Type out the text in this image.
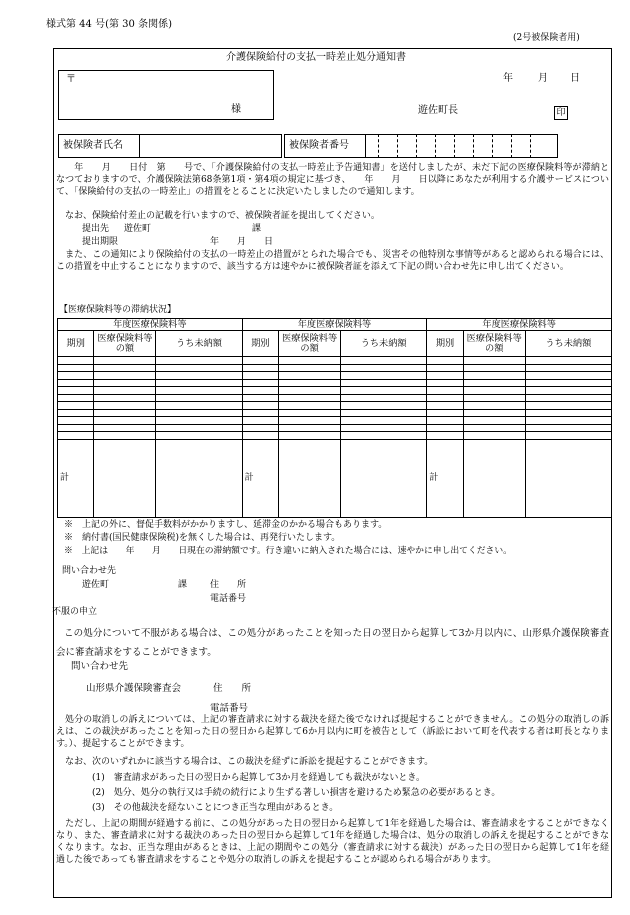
様式第 44 号(第 30 条関係)
(2号被保険者用)
介護保険給付の支払一時差止処分通知書
〒
様
年	月 日
遊佐町長	印
被保険者氏名	被保険者番号

　　年　　月　　日付　第　　号で、「介護保険給付の支払一時差止予告通知書」を送付しましたが、未だ下記の医療保険料等が滞納となつておりますので、介護保険法第68条第1項・第4項の規定に基づき、　　年　　月　　日以降にあなたが利用する介護サービスについて、「保険給付の支払の一時差止」の措置をとることに決定いたしましたので通知します。

　なお、保険給付差止の記載を行いますので、被保険者証を提出してください。

提出先 遊佐町	課
提出期限	年　　月　　日

　また、この通知により保険給付の支払の一時差止の措置がとられた場合でも、災害その他特別な事情等があると認められる場合には、この措置を中止することになりますので、該当する方は速やかに被保険者証を添えて下記の問い合わせ先に申し出てください。

【医療保険料等の滞納状況】
年度医療保険料等			年度医療保険料等			年度医療保険料等		
期別	医療保険料等の額	うち未納額	期別	医療保険料等の額	うち未納額	期別	医療保険料等の額	うち未納額

計			計			計		
※　上記の外に、督促手数料がかかりますし、延滞金のかかる場合もあります。
※　納付書(国民健康保険税)を無くした場合は、再発行いたします。
※　上記は　　年　　月　　日現在の滞納額です。行き違いに納入された場合には、速やかに申し出てください。
問い合わせ先
遊佐町	課	住　　所
電話番号
不服の申立

この処分について不服がある場合は、この処分があったことを知った日の翌日から起算して3か月以内に、山形県介護保険審査会に審査請求をすることができます。

問い合わせ先
山形県介護保険審査会	住　　所
電話番号

　処分の取消しの訴えについては、上記の審査請求に対する裁決を経た後でなければ提起することができません。この処分の取消しの訴えは、この裁決があったことを知った日の翌日から起算して6か月以内に町を被告として（訴訟において町を代表する者は町長となります。）、提起することができます。

　なお、次のいずれかに該当する場合は、この裁決を経ずに訴訟を提起することができます。

(1)　審査請求があった日の翌日から起算して3か月を経過しても裁決がないとき。
(2)　処分、処分の執行又は手続の続行により生ずる著しい損害を避けるため緊急の必要があるとき。
(3)　その他裁決を経ないことにつき正当な理由があるとき。

　ただし、上記の期間が経過する前に、この処分があった日の翌日から起算して1年を経過した場合は、審査請求をすることができなくなり、また、審査請求に対する裁決のあった日の翌日から起算して1年を経過した場合は、処分の取消しの訴えを提起することができなくなります。なお、正当な理由があるときは、上記の期間やこの処分（審査請求に対する裁決）があった日の翌日から起算して1年を経過した後であっても審査請求をすることや処分の取消しの訴えを提起することが認められる場合があります。
